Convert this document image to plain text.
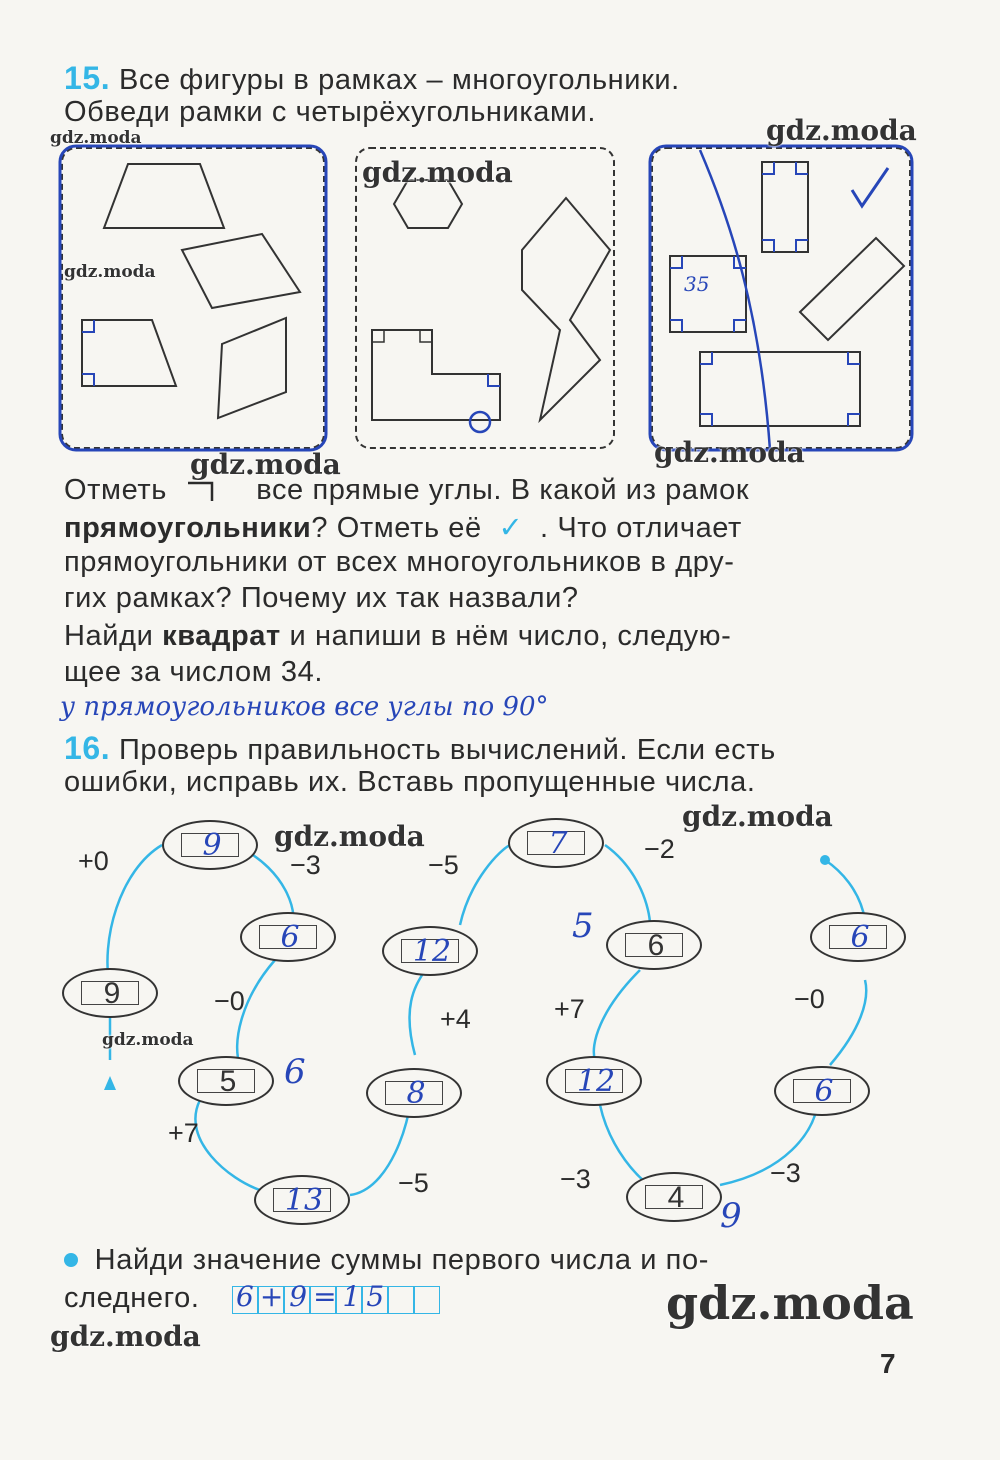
15. Все фигуры в рамках – многоугольники.
Обведи рамки с четырёхугольниками.
35
Отметь	все прямые углы. В какой из рамок
прямоугольники? Отметь её ✓ . Что отличает
прямоугольники от всех многоугольников в дру-
гих рамках? Почему их так назвали?
Найди квадрат и напиши в нём число, следую-
щее за числом 34.
у прямоугольников все углы по 90°
16. Проверь правильность вычислений. Если есть
ошибки, исправь их. Вставь пропущенные числа.
9
6
9
5
13
8
12
7
6
12
4
6
6
+0	−3
−0
+7
−5
+4
−5
−2
+7
−3	−3
−0
6
5
9
Найди значение суммы первого числа и по-
следнего. 6+9=15
7
gdz.moda	gdz.moda
gdz.moda
gdz.moda
gdz.moda	gdz.moda
gdz.moda
gdz.moda
gdz.moda
gdz.moda
gdz.moda
